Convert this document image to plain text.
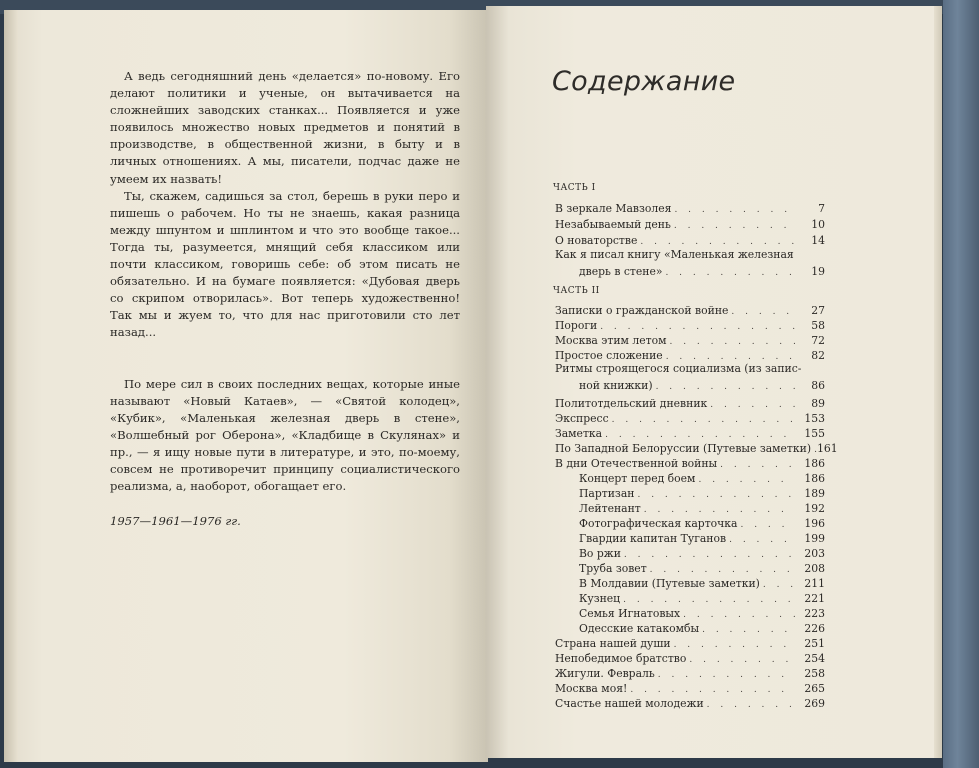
А ведь сегодняшний день «делается» по-новому. Его делают политики и ученые, он вытачивается на сложнейших заводских станках... Появляется и уже появилось множество новых предметов и понятий в производстве, в общественной жизни, в быту и в личных отношениях. А мы, писатели, подчас даже не умеем их назвать!

Ты, скажем, садишься за стол, берешь в руки перо и пишешь о рабочем. Но ты не знаешь, какая разница между шпунтом и шплинтом и что это вообще такое... Тогда ты, разумеется, мнящий себя классиком или почти классиком, говоришь себе: об этом писать не обязательно. И на бумаге появляется: «Дубовая дверь со скрипом отворилась». Вот теперь художественно! Так мы и жуем то, что для нас приготовили сто лет назад...

По мере сил в своих последних вещах, которые иные называют «Новый Катаев», — «Святой колодец», «Кубик», «Маленькая железная дверь в стене», «Волшебный рог Оберона», «Кладбище в Скулянах» и пр., — я ищу новые пути в литературе, и это, по-моему, совсем не противоречит принципу социалистического реализма, а, наоборот, обогащает его.

1957—1961—1976 гг.

Содержание
ЧАСТЬ I
В зеркале Мавзолея . . .	7
Незабываемый день . . .	10
О новаторстве . . .	14
Как я писал книгу «Маленькая железная
дверь в стене» . . .	19
ЧАСТЬ II
Записки о гражданской войне . . .	27
Пороги . . .	58
Москва этим летом . . .	72
Простое сложение . . .	82
Ритмы строящегося социализма (из запис-
ной книжки) . . .	86
Политотдельский дневник . . .	89
Экспресс . . .	153
Заметка . . .	155
По Западной Белоруссии (Путевые заметки) . . . 161
В дни Отечественной войны . . .	186
Концерт перед боем . . .	186
Партизан . . .	189
Лейтенант . . .	192
Фотографическая карточка . . .	196
Гвардии капитан Туганов . . .	199
Во ржи . . .	203
Труба зовет . . .	208
В Молдавии (Путевые заметки) . . .	211
Кузнец . . .	221
Семья Игнатовых . . .	223
Одесские катакомбы . . .	226
Страна нашей души . . .	251
Непобедимое братство . . .	254
Жигули. Февраль . . .	258
Москва моя! . . .	265
Счастье нашей молодежи . . .	269
